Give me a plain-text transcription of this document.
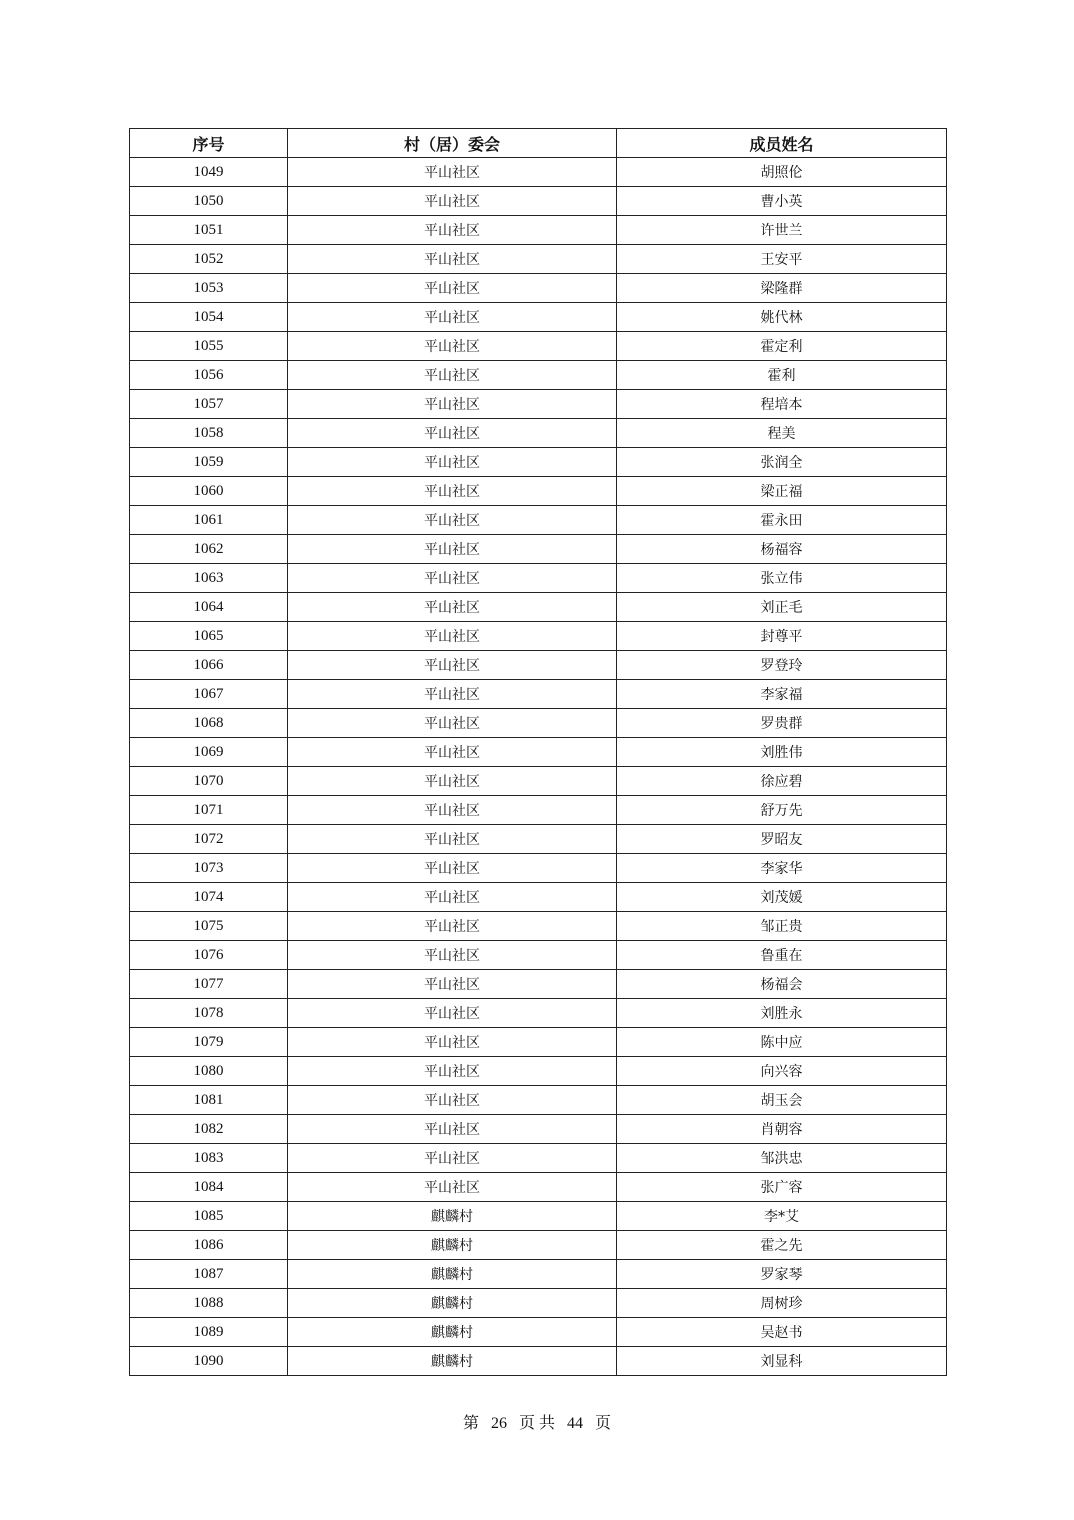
序号	村（居）委会	成员姓名
1049	平山社区	胡照伦
1050	平山社区	曹小英
1051	平山社区	许世兰
1052	平山社区	王安平
1053	平山社区	梁隆群
1054	平山社区	姚代林
1055	平山社区	霍定利
1056	平山社区	霍利
1057	平山社区	程培本
1058	平山社区	程美
1059	平山社区	张润全
1060	平山社区	梁正福
1061	平山社区	霍永田
1062	平山社区	杨福容
1063	平山社区	张立伟
1064	平山社区	刘正毛
1065	平山社区	封尊平
1066	平山社区	罗登玲
1067	平山社区	李家福
1068	平山社区	罗贵群
1069	平山社区	刘胜伟
1070	平山社区	徐应碧
1071	平山社区	舒万先
1072	平山社区	罗昭友
1073	平山社区	李家华
1074	平山社区	刘茂媛
1075	平山社区	邹正贵
1076	平山社区	鲁重在
1077	平山社区	杨福会
1078	平山社区	刘胜永
1079	平山社区	陈中应
1080	平山社区	向兴容
1081	平山社区	胡玉会
1082	平山社区	肖朝容
1083	平山社区	邹洪忠
1084	平山社区	张广容
1085	麒麟村	李*艾
1086	麒麟村	霍之先
1087	麒麟村	罗家琴
1088	麒麟村	周树珍
1089	麒麟村	吴赵书
1090	麒麟村	刘显科
第 26 页 共 44 页
